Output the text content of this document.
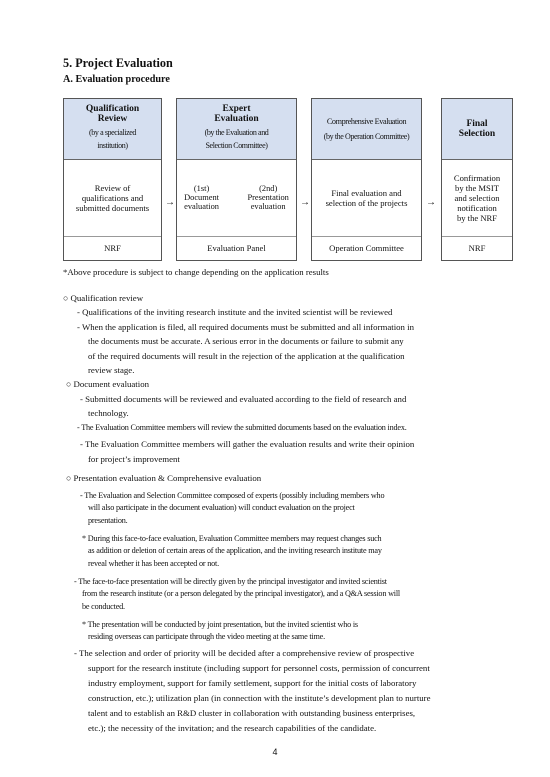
5. Project Evaluation
A. Evaluation procedure
Qualification
Review
(by a specialized
institution)
Review of
qualifications and
submitted documents
NRF
→
Expert
Evaluation
(by the Evaluation and
Selection Committee)
(1st)
Document
evaluation
(2nd)
Presentation
evaluation
Evaluation Panel
→
Comprehensive Evaluation
(by the Operation Committee)
Final evaluation and
selection of the projects
Operation Committee
→
Final
Selection
Confirmation
by the MSIT
and selection
notification
by the NRF
NRF
*Above procedure is subject to change depending on the application results
○ Qualification review
- Qualifications of the inviting research institute and the invited scientist will be reviewed
- When the application is filed, all required documents must be submitted and all information in
the documents must be accurate. A serious error in the documents or failure to submit any
of the required documents will result in the rejection of the application at the qualification
review stage.
○ Document evaluation
- Submitted documents will be reviewed and evaluated according to the field of research and
technology.
- The Evaluation Committee members will review the submitted documents based on the evaluation index.
- The Evaluation Committee members will gather the evaluation results and write their opinion
for project’s improvement
○ Presentation evaluation & Comprehensive evaluation
- The Evaluation and Selection Committee composed of experts (possibly including members who
will also participate in the document evaluation) will conduct evaluation on the project
presentation.
* During this face-to-face evaluation, Evaluation Committee members may request changes such
as addition or deletion of certain areas of the application, and the inviting research institute may
reveal whether it has been accepted or not.
- The face-to-face presentation will be directly given by the principal investigator and invited scientist
from the research institute (or a person delegated by the principal investigator), and a Q&A session will
be conducted.
* The presentation will be conducted by joint presentation, but the invited scientist who is
residing overseas can participate through the video meeting at the same time.
- The selection and order of priority will be decided after a comprehensive review of prospective
support for the research institute (including support for personnel costs, permission of concurrent
industry employment, support for family settlement, support for the initial costs of laboratory
construction, etc.); utilization plan (in connection with the institute’s development plan to nurture
talent and to establish an R&D cluster in collaboration with outstanding business enterprises,
etc.); the necessity of the invitation; and the research capabilities of the candidate.
4
